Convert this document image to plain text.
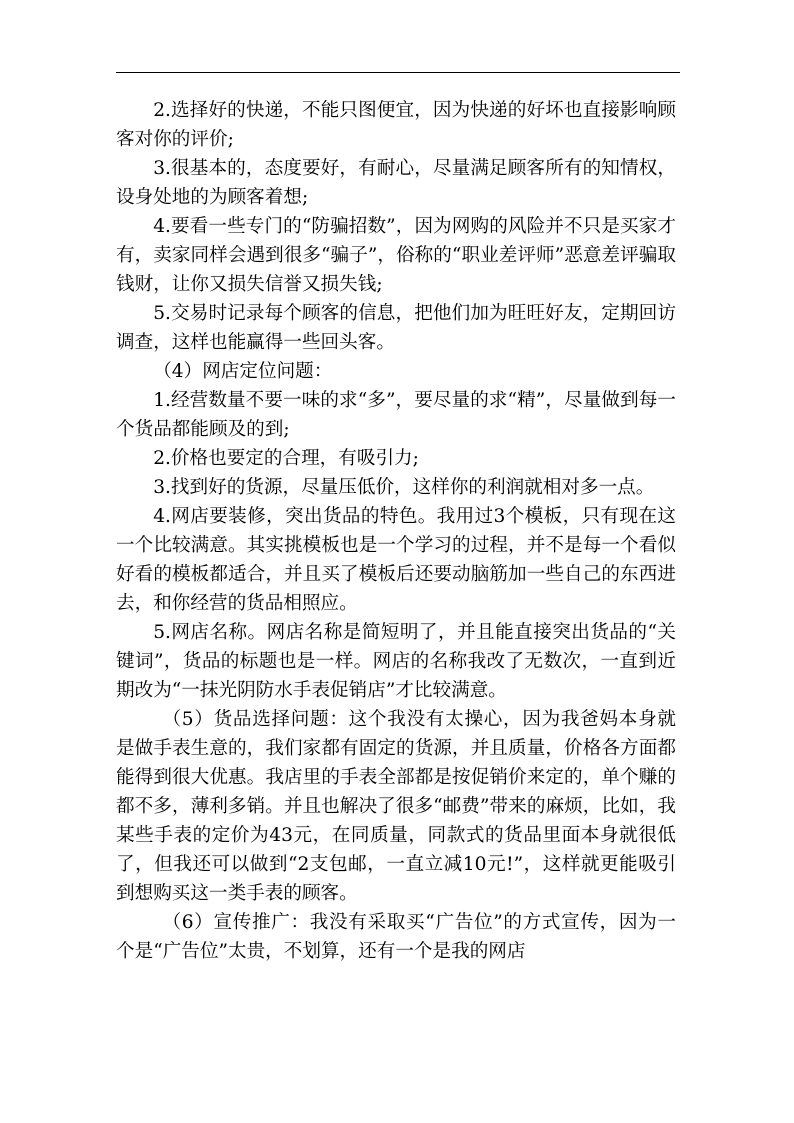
2.选择好的快递，不能只图便宜，因为快递的好坏也直接影响顾客对你的评价;

3.很基本的，态度要好，有耐心，尽量满足顾客所有的知情权，设身处地的为顾客着想;

4.要看一些专门的“防骗招数”，因为网购的风险并不只是买家才有，卖家同样会遇到很多“骗子”，俗称的“职业差评师”恶意差评骗取钱财，让你又损失信誉又损失钱;

5.交易时记录每个顾客的信息，把他们加为旺旺好友，定期回访调查，这样也能赢得一些回头客。

（4）网店定位问题：

1.经营数量不要一味的求“多”，要尽量的求“精”，尽量做到每一个货品都能顾及的到;

2.价格也要定的合理，有吸引力;

3.找到好的货源，尽量压低价，这样你的利润就相对多一点。

4.网店要装修，突出货品的特色。我用过3个模板，只有现在这一个比较满意。其实挑模板也是一个学习的过程，并不是每一个看似好看的模板都适合，并且买了模板后还要动脑筋加一些自己的东西进去，和你经营的货品相照应。

5.网店名称。网店名称是简短明了，并且能直接突出货品的“关键词”，货品的标题也是一样。网店的名称我改了无数次，一直到近期改为“一抹光阴防水手表促销店”才比较满意。

（5）货品选择问题：这个我没有太操心，因为我爸妈本身就是做手表生意的，我们家都有固定的货源，并且质量，价格各方面都能得到很大优惠。我店里的手表全部都是按促销价来定的，单个赚的都不多，薄利多销。并且也解决了很多“邮费”带来的麻烦，比如，我某些手表的定价为43元，在同质量，同款式的货品里面本身就很低了，但我还可以做到“2支包邮，一直立减10元!”，这样就更能吸引到想购买这一类手表的顾客。

（6）宣传推广：我没有采取买“广告位”的方式宣传，因为一个是“广告位”太贵，不划算，还有一个是我的网店
